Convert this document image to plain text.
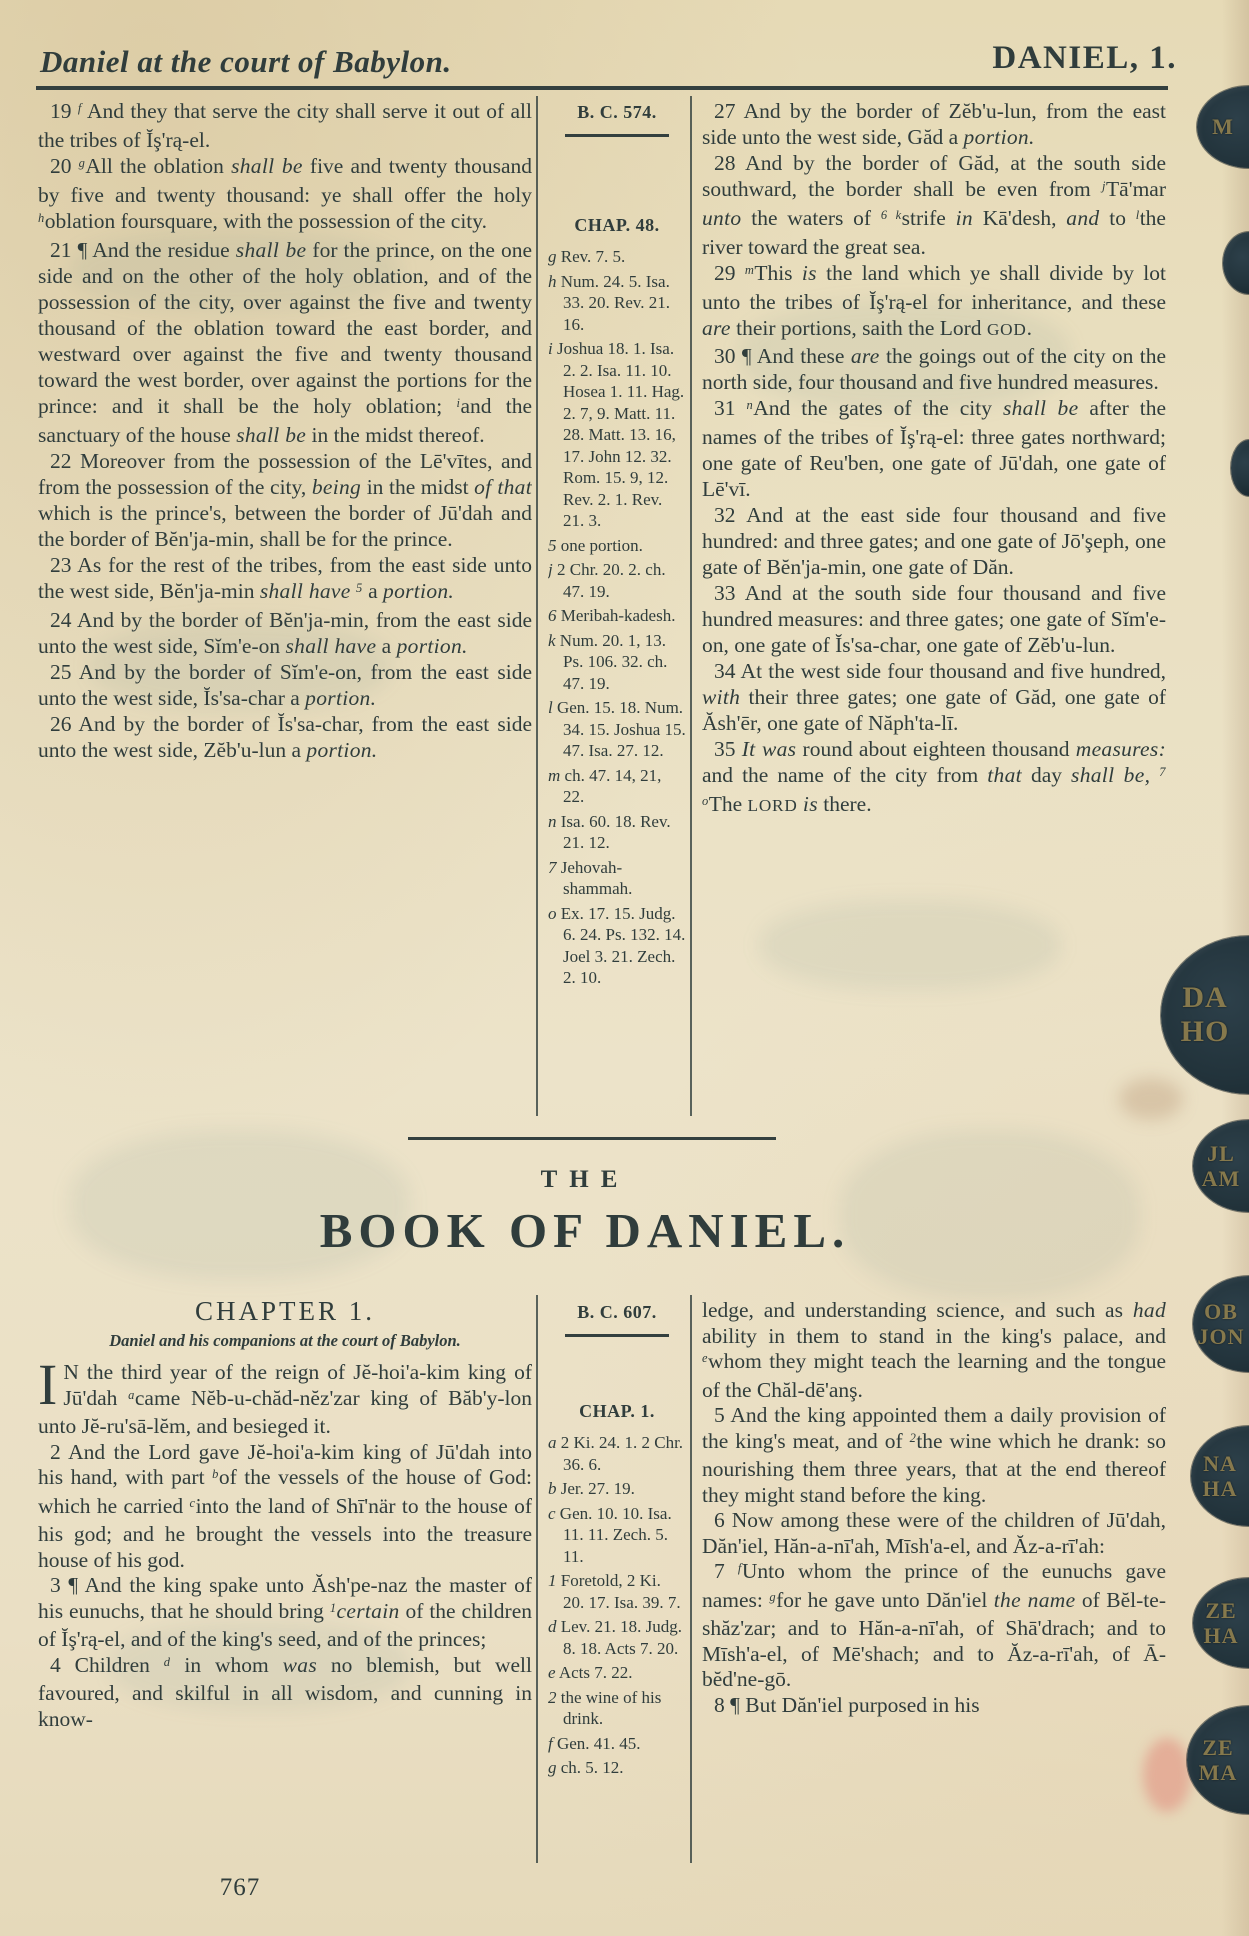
Daniel at the court of Babylon.	DANIEL, 1.

19 $^f$ And they that serve the city shall serve it out of all the tribes of Ĭş'rą-el.

20 $^g$All the oblation shall be five and twenty thousand by five and twenty thousand: ye shall offer the holy $^h$oblation foursquare, with the possession of the city.

21 ¶ And the residue shall be for the prince, on the one side and on the other of the holy oblation, and of the possession of the city, over against the five and twenty thousand of the oblation toward the east border, and westward over against the five and twenty thousand toward the west border, over against the portions for the prince: and it shall be the holy oblation; $^i$and the sanctuary of the house shall be in the midst thereof.

22 Moreover from the possession of the Lē'vītes, and from the possession of the city, being in the midst of that which is the prince's, between the border of Jū'dah and the border of Bĕn'ja-min, shall be for the prince.

23 As for the rest of the tribes, from the east side unto the west side, Bĕn'ja-min shall have $^5$ a portion.

24 And by the border of Bĕn'ja-min, from the east side unto the west side, Sĭm'e-on shall have a portion.

25 And by the border of Sĭm'e-on, from the east side unto the west side, Ĭs'sa-char a portion.

26 And by the border of Ĭs'sa-char, from the east side unto the west side, Zĕb'u-lun a portion.

B. C. 574.
CHAP. 48.
g Rev. 7. 5.
h Num. 24. 5. Isa. 33. 20. Rev. 21. 16.
i Joshua 18. 1. Isa. 2. 2. Isa. 11. 10. Hosea 1. 11. Hag. 2. 7, 9. Matt. 11. 28. Matt. 13. 16, 17. John 12. 32. Rom. 15. 9, 12. Rev. 2. 1. Rev. 21. 3.
5 one portion.
j 2 Chr. 20. 2. ch. 47. 19.
6 Meribah-kadesh.
k Num. 20. 1, 13. Ps. 106. 32. ch. 47. 19.
l Gen. 15. 18. Num. 34. 15. Joshua 15. 47. Isa. 27. 12.
m ch. 47. 14, 21, 22.
n Isa. 60. 18. Rev. 21. 12.
7 Jehovah-shammah.
o Ex. 17. 15. Judg. 6. 24. Ps. 132. 14. Joel 3. 21. Zech. 2. 10.

27 And by the border of Zĕb'u-lun, from the east side unto the west side, Găd a portion.

28 And by the border of Găd, at the south side southward, the border shall be even from $^j$Tā'mar unto the waters of $^{6 k}$strife in Kā'desh, and to $^l$the river toward the great sea.

29 $^m$This is the land which ye shall divide by lot unto the tribes of Ĭş'rą-el for inheritance, and these are their portions, saith the Lord GOD.

30 ¶ And these are the goings out of the city on the north side, four thousand and five hundred measures.

31 $^n$And the gates of the city shall be after the names of the tribes of Ĭş'rą-el: three gates northward; one gate of Reu'ben, one gate of Jū'dah, one gate of Lē'vī.

32 And at the east side four thousand and five hundred: and three gates; and one gate of Jō'şeph, one gate of Bĕn'ja-min, one gate of Dăn.

33 And at the south side four thousand and five hundred measures: and three gates; one gate of Sĭm'e-on, one gate of Ĭs'sa-char, one gate of Zĕb'u-lun.

34 At the west side four thousand and five hundred, with their three gates; one gate of Găd, one gate of Ăsh'ēr, one gate of Năph'ta-lī.

35 It was round about eighteen thousand measures: and the name of the city from that day shall be, $^{7 o}$The LORD is there.

THE
BOOK OF DANIEL.
CHAPTER 1.
Daniel and his companions at the court of Babylon.

I N the third year of the reign of Jĕ-hoi'a-kim king of Jū'dah $^a$came Nĕb-u-chăd-nĕz'zar king of Băb'y-lon unto Jĕ-ru'sā-lĕm, and besieged it.

2 And the Lord gave Jĕ-hoi'a-kim king of Jū'dah into his hand, with part $^b$of the vessels of the house of God: which he carried $^c$into the land of Shī'när to the house of his god; and he brought the vessels into the treasure house of his god.

3 ¶ And the king spake unto Ăsh'pe-naz the master of his eunuchs, that he should bring $^1$certain of the children of Ĭş'rą-el, and of the king's seed, and of the princes;

4 Children $^d$ in whom was no blemish, but well favoured, and skilful in all wisdom, and cunning in know-

B. C. 607.
CHAP. 1.
a 2 Ki. 24. 1. 2 Chr. 36. 6.
b Jer. 27. 19.
c Gen. 10. 10. Isa. 11. 11. Zech. 5. 11.
1 Foretold, 2 Ki. 20. 17. Isa. 39. 7.
d Lev. 21. 18. Judg. 8. 18. Acts 7. 20.
e Acts 7. 22.
2 the wine of his drink.
f Gen. 41. 45.
g ch. 5. 12.

ledge, and understanding science, and such as had ability in them to stand in the king's palace, and $^e$whom they might teach the learning and the tongue of the Chăl-dē'anş.

5 And the king appointed them a daily provision of the king's meat, and of $^2$the wine which he drank: so nourishing them three years, that at the end thereof they might stand before the king.

6 Now among these were of the children of Jū'dah, Dăn'iel, Hăn-a-nī'ah, Mīsh'a-el, and Ăz-a-rī'ah:

7 $^f$Unto whom the prince of the eunuchs gave names: $^g$for he gave unto Dăn'iel the name of Bĕl-te-shăz'zar; and to Hăn-a-nī'ah, of Shā'drach; and to Mīsh'a-el, of Mē'shach; and to Ăz-a-rī'ah, of Ā-bĕd'ne-gō.

8 ¶ But Dăn'iel purposed in his

767
M
DA
HO
JL
AM
OB
JON
NA
HA
ZE
HA
ZE
MA
